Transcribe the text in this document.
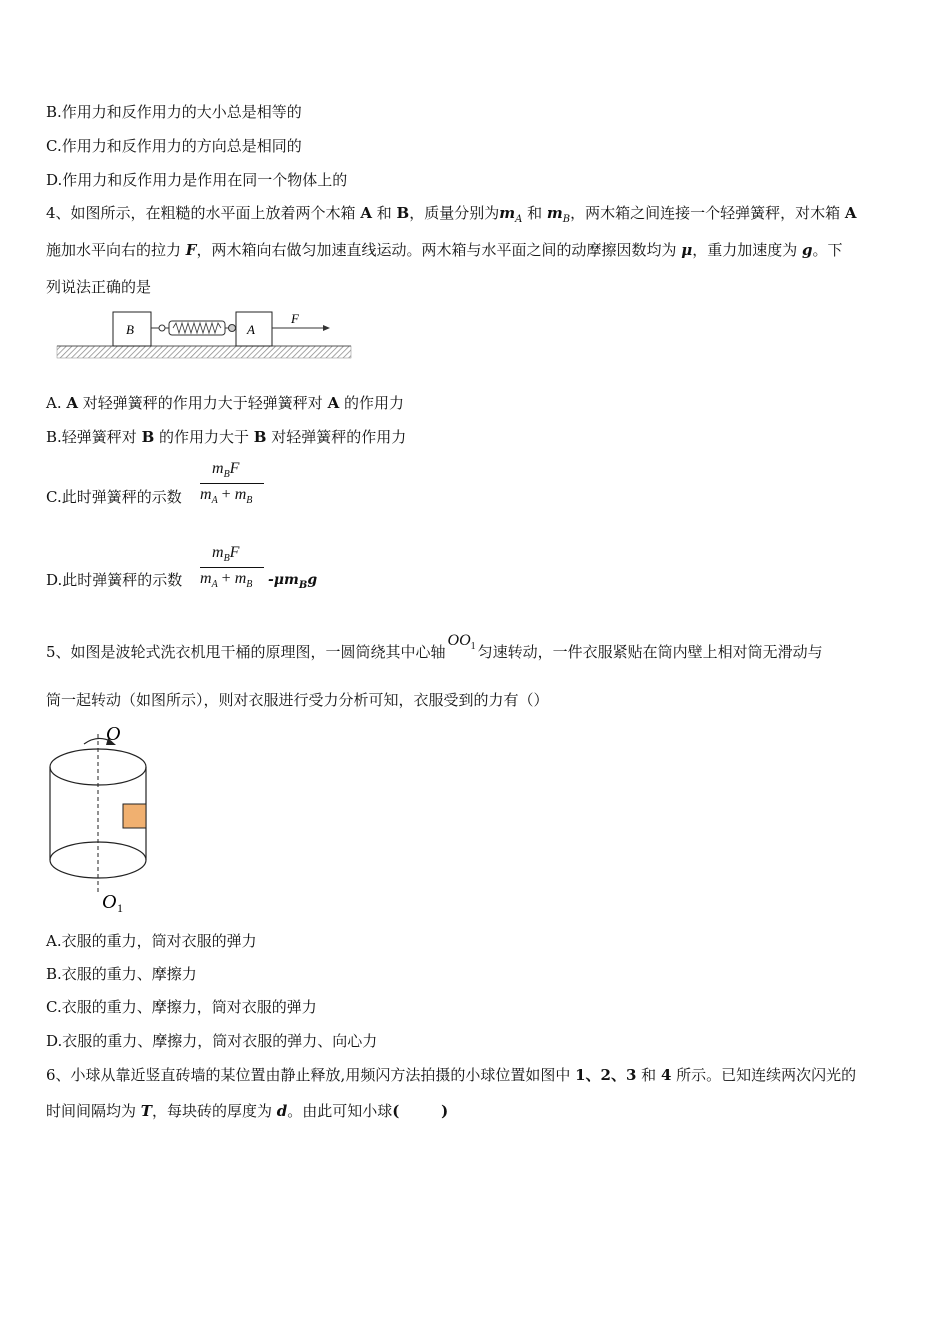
B.作用力和反作用力的大小总是相等的
C.作用力和反作用力的方向总是相同的
D.作用力和反作用力是作用在同一个物体上的
4、如图所示，在粗糙的水平面上放着两个木箱 A 和 B，质量分别为$m_A$ 和 $m_B$，两木箱之间连接一个轻弹簧秤，对木箱 A
施加水平向右的拉力 F，两木箱向右做匀加速直线运动。两木箱与水平面之间的动摩擦因数均为 μ，重力加速度为 g。下
列说法正确的是
B	A
F
A. A 对轻弹簧秤的作用力大于轻弹簧秤对 A 的作用力
B.轻弹簧秤对 B 的作用力大于 B 对轻弹簧秤的作用力
C.此时弹簧秤的示数
$m_BF$
$m_A + m_B$
D.此时弹簧秤的示数
$m_BF$
$m_A + m_B$ $-\mu m_Bg$
5、如图是波轮式洗衣机甩干桶的原理图，一圆筒绕其中心轴$OO_1$ 匀速转动，一件衣服紧贴在筒内壁上相对筒无滑动与
筒一起转动（如图所示），则对衣服进行受力分析可知，衣服受到的力有（）
O
O 1
A.衣服的重力，筒对衣服的弹力
B.衣服的重力、摩擦力
C.衣服的重力、摩擦力，筒对衣服的弹力
D.衣服的重力、摩擦力，筒对衣服的弹力、向心力
6、小球从靠近竖直砖墙的某位置由静止释放,用频闪方法拍摄的小球位置如图中 1、2、3 和 4 所示。已知连续两次闪光的
时间间隔均为 T，每块砖的厚度为 d。由此可知小球(        )
